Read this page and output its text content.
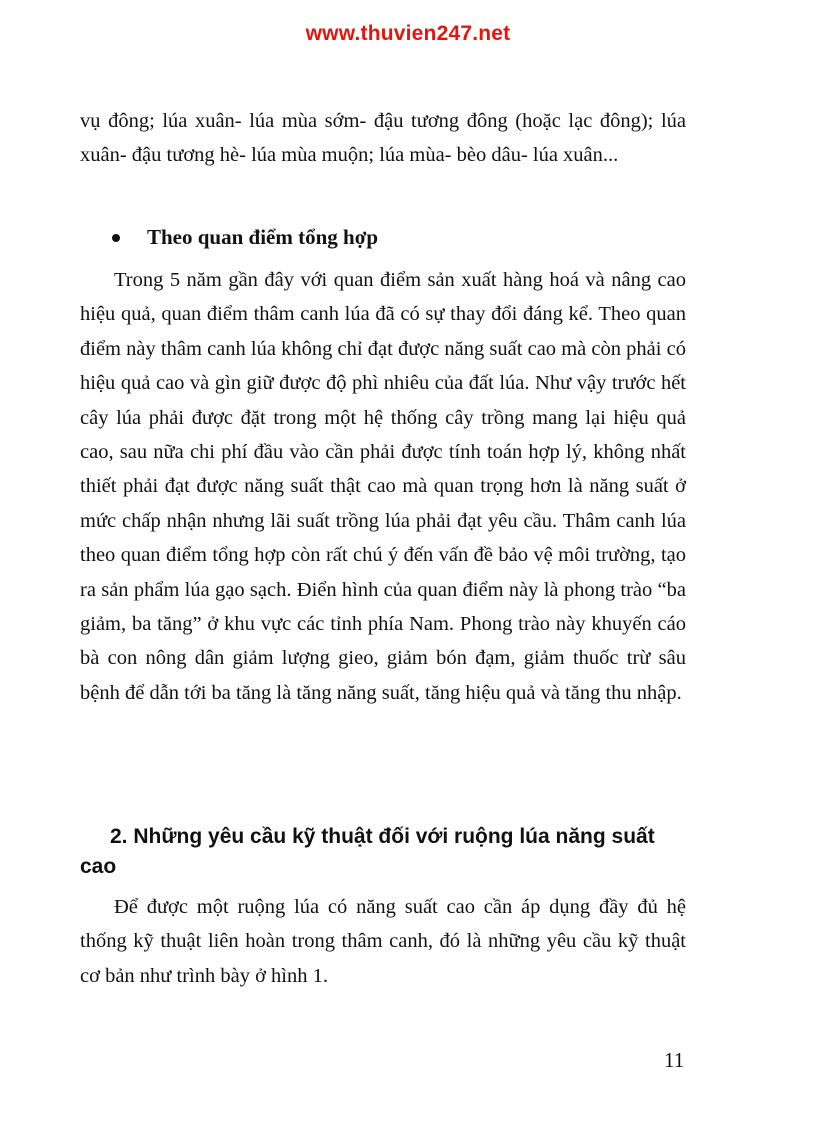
www.thuvien247.net

vụ đông; lúa xuân- lúa mùa sớm- đậu tương đông (hoặc lạc đông); lúa xuân- đậu tương hè- lúa mùa muộn; lúa mùa- bèo dâu- lúa xuân...

Theo quan điểm tổng hợp

Trong 5 năm gần đây với quan điểm sản xuất hàng hoá và nâng cao hiệu quả, quan điểm thâm canh lúa đã có sự thay đổi đáng kể. Theo quan điểm này thâm canh lúa không chỉ đạt được năng suất cao mà còn phải có hiệu quả cao và gìn giữ được độ phì nhiêu của đất lúa. Như vậy trước hết cây lúa phải được đặt trong một hệ thống cây trồng mang lại hiệu quả cao, sau nữa chi phí đầu vào cần phải được tính toán hợp lý, không nhất thiết phải đạt được năng suất thật cao mà quan trọng hơn là năng suất ở mức chấp nhận nhưng lãi suất trồng lúa phải đạt yêu cầu. Thâm canh lúa theo quan điểm tổng hợp còn rất chú ý đến vấn đề bảo vệ môi trường, tạo ra sản phẩm lúa gạo sạch. Điển hình của quan điểm này là phong trào “ba giảm, ba tăng” ở khu vực các tỉnh phía Nam. Phong trào này khuyến cáo bà con nông dân giảm lượng gieo, giảm bón đạm, giảm thuốc trừ sâu bệnh để dẫn tới ba tăng là tăng năng suất, tăng hiệu quả và tăng thu nhập.

2. Những yêu cầu kỹ thuật đối với ruộng lúa năng suất cao

Để được một ruộng lúa có năng suất cao cần áp dụng đầy đủ hệ thống kỹ thuật liên hoàn trong thâm canh, đó là những yêu cầu kỹ thuật cơ bản như trình bày ở hình 1.

11
